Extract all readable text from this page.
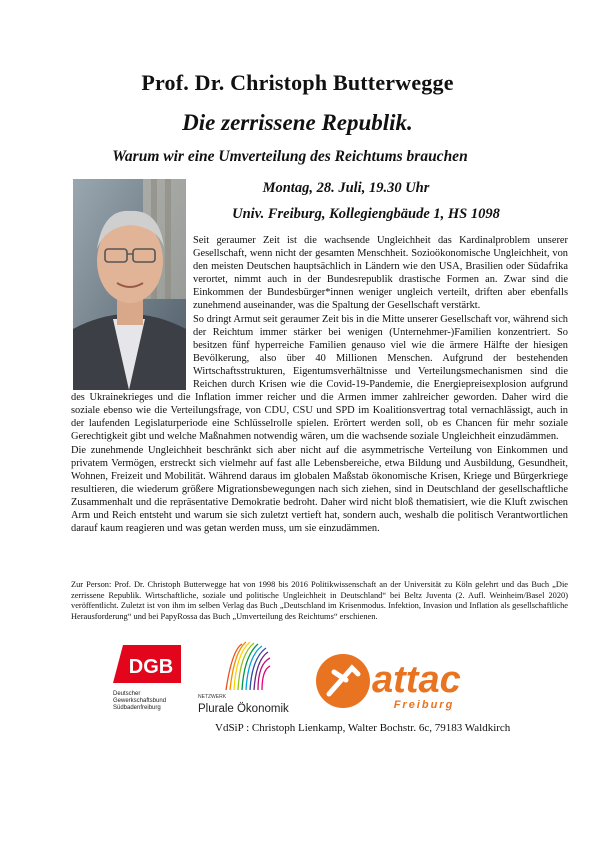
Prof. Dr. Christoph Butterwegge
Die zerrissene Republik.
Warum wir eine Umverteilung des Reichtums brauchen
Montag, 28. Juli, 19.30 Uhr
Univ. Freiburg, Kollegiengbäude 1, HS 1098

Seit geraumer Zeit ist die wachsende Ungleichheit das Kardinalproblem unserer Gesellschaft, wenn nicht der gesamten Menschheit. Sozioökonomische Ungleichheit, von den meisten Deutschen hauptsächlich in Ländern wie den USA, Brasilien oder Südafrika verortet, nimmt auch in der Bundesrepublik drastische Formen an. Zwar sind die Einkommen der Bundesbürger*innen weniger ungleich verteilt, driften aber ebenfalls zunehmend auseinander, was die Spaltung der Gesellschaft verstärkt.

So dringt Armut seit geraumer Zeit bis in die Mitte unserer Gesellschaft vor, während sich der Reichtum immer stärker bei wenigen (Unternehmer-)Familien konzentriert. So besitzen fünf hyperreiche Familien genauso viel wie die ärmere Hälfte der hiesigen Bevölkerung, also über 40 Millionen Menschen. Aufgrund der bestehenden Wirtschaftsstrukturen, Eigentumsverhältnisse und Verteilungsmechanismen sind die Reichen durch Krisen wie die Covid-19-Pandemie, die Energiepreisexplosion aufgrund des Ukrainekrieges und die Inflation immer reicher und die Armen immer zahlreicher geworden. Daher wird die soziale ebenso wie die Verteilungsfrage, von CDU, CSU und SPD im Koalitionsvertrag total vernachlässigt, auch in der laufenden Legislaturperiode eine Schlüsselrolle spielen. Erörtert werden soll, ob es Chancen für mehr soziale Gerechtigkeit gibt und welche Maßnahmen notwendig wären, um die wachsende soziale Ungleichheit einzudämmen.

Die zunehmende Ungleichheit beschränkt sich aber nicht auf die asymmetrische Verteilung von Einkommen und privatem Vermögen, erstreckt sich vielmehr auf fast alle Lebensbereiche, etwa Bildung und Ausbildung, Gesundheit, Wohnen, Freizeit und Mobilität. Während daraus im globalen Maßstab ökonomische Krisen, Kriege und Bürgerkriege resultieren, die wiederum größere Migrationsbewegungen nach sich ziehen, sind in Deutschland der gesellschaftliche Zusammenhalt und die repräsentative Demokratie bedroht. Daher wird nicht bloß thematisiert, wie die Kluft zwischen Arm und Reich entsteht und warum sie sich zuletzt vertieft hat, sondern auch, weshalb die politisch Verantwortlichen darauf kaum reagieren und was getan werden muss, um sie einzudämmen.

Zur Person: Prof. Dr. Christoph Butterwegge hat von 1998 bis 2016 Politikwissenschaft an der Universität zu Köln gelehrt und das Buch „Die zerrissene Republik. Wirtschaftliche, soziale und politische Ungleichheit in Deutschland“ bei Beltz Juventa (2. Aufl. Weinheim/Basel 2020) veröffentlicht. Zuletzt ist von ihm im selben Verlag das Buch „Deutschland im Krisenmodus. Infektion, Invasion und Inflation als gesellschaftliche Herausforderung“ und bei PapyRossa das Buch „Umverteilung des Reichtums“ erschienen.
DGB
Deutscher
Gewerkschaftsbund
Südbadenfreiburg
NETZWERK
Plurale Ökonomik
attac
Freiburg
VdSiP : Christoph Lienkamp, Walter Bochstr. 6c, 79183 Waldkirch
